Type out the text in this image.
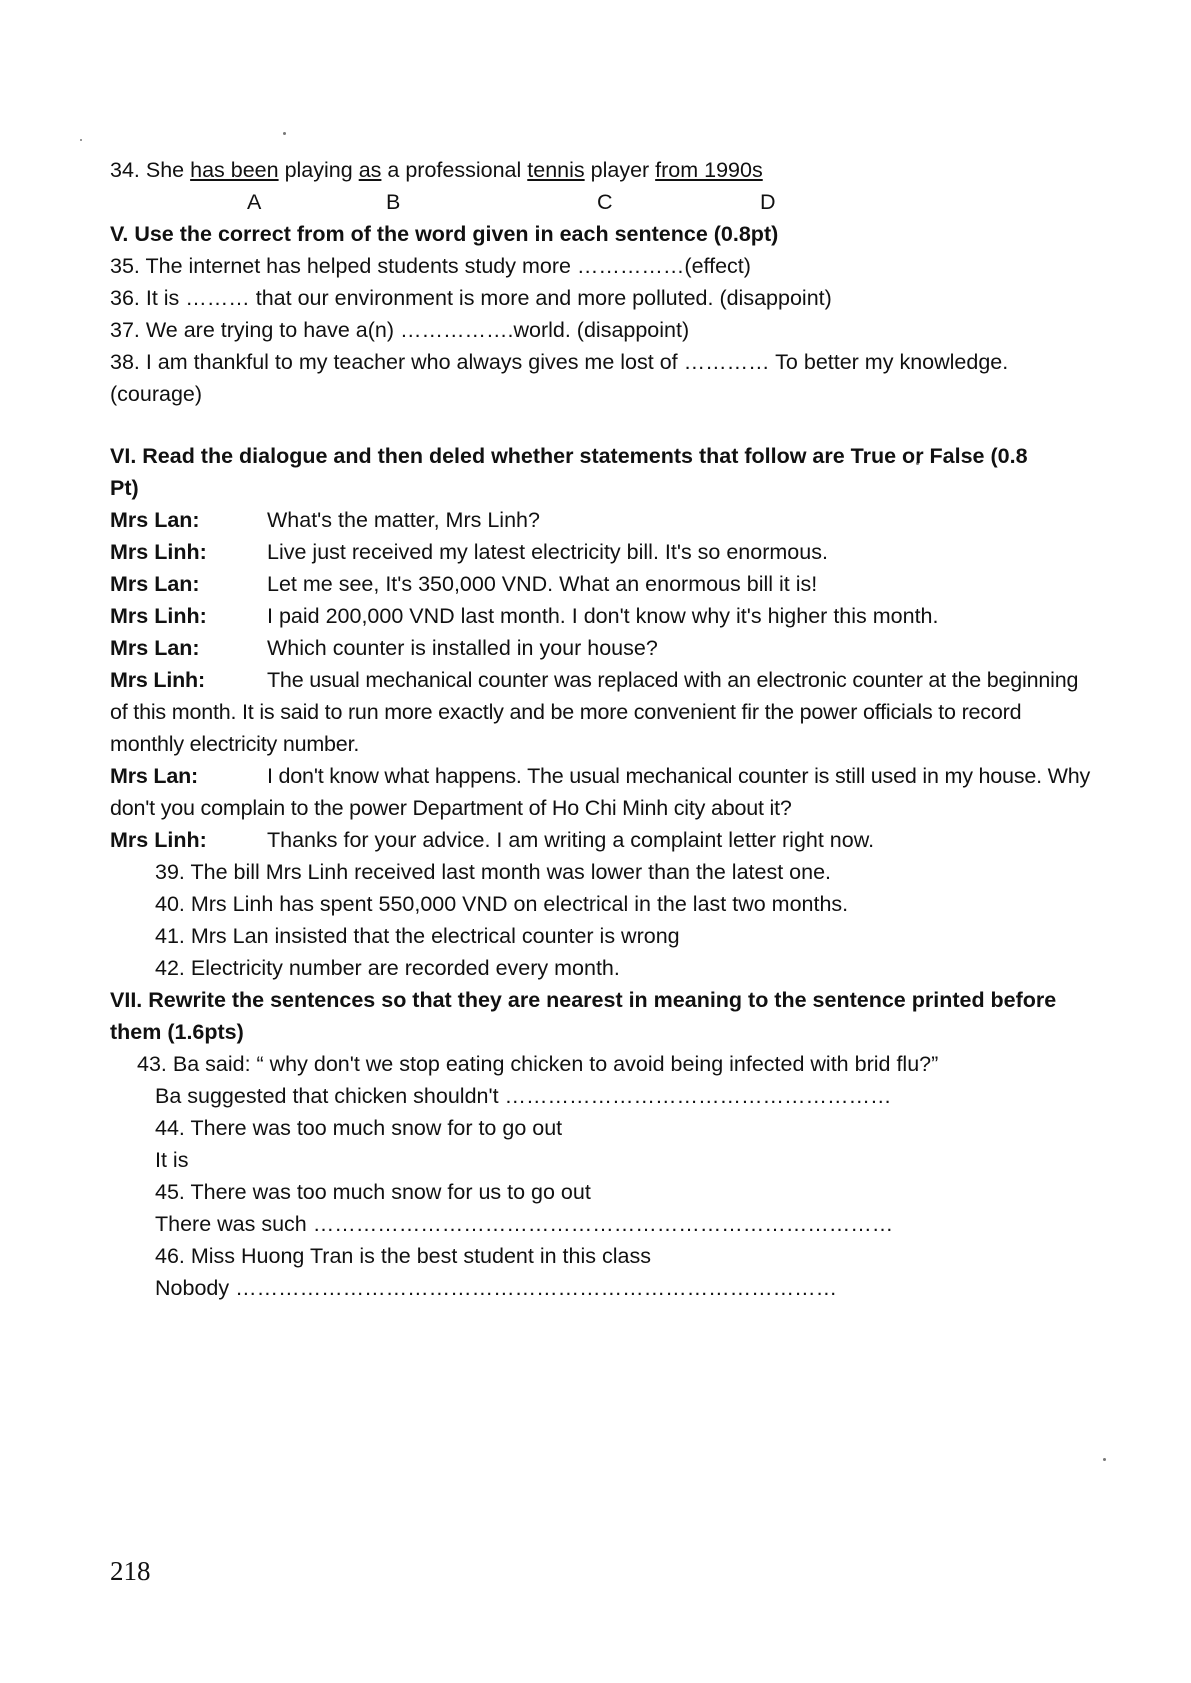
34. She has been playing as a professional tennis player from 1990s
A	B	C	D
V. Use the correct from of the word given in each sentence (0.8pt)
35. The internet has helped students study more ……………(effect)
36. It is ……… that our environment is more and more polluted. (disappoint)
37. We are trying to have a(n) …………….world. (disappoint)
38. I am thankful to my teacher who always gives me lost of ………… To better my knowledge. (courage)
VI. Read the dialogue and then deled whether statements that follow are True or False (0.8 Pt)
Mrs Lan:	What's the matter, Mrs Linh?
Mrs Linh:	Live just received my latest electricity bill. It's so enormous.
Mrs Lan:	Let me see, It's 350,000 VND. What an enormous bill it is!
Mrs Linh:	I paid 200,000 VND last month. I don't know why it's higher this month.
Mrs Lan:	Which counter is installed in your house?
Mrs Linh:	The usual mechanical counter was replaced with an electronic counter at the beginning of this month. It is said to run more exactly and be more convenient fir the power officials to record monthly electricity number.
Mrs Lan:	I don't know what happens. The usual mechanical counter is still used in my house. Why don't you complain to the power Department of Ho Chi Minh city about it?
Mrs Linh:	Thanks for your advice. I am writing a complaint letter right now.
39. The bill Mrs Linh received last month was lower than the latest one.
40. Mrs Linh has spent 550,000 VND on electrical in the last two months.
41. Mrs Lan insisted that the electrical counter is wrong
42. Electricity number are recorded every month.
VII. Rewrite the sentences so that they are nearest in meaning to the sentence printed before them (1.6pts)
43. Ba said: “ why don't we stop eating chicken to avoid being infected with brid flu?”
Ba suggested that chicken shouldn't ………………………………………………
44. There was too much snow for to go out
It is
45. There was too much snow for us to go out
There was such ………………………………………………………………………
46. Miss Huong Tran is the best student in this class
Nobody …………………………………………………………………………
218
